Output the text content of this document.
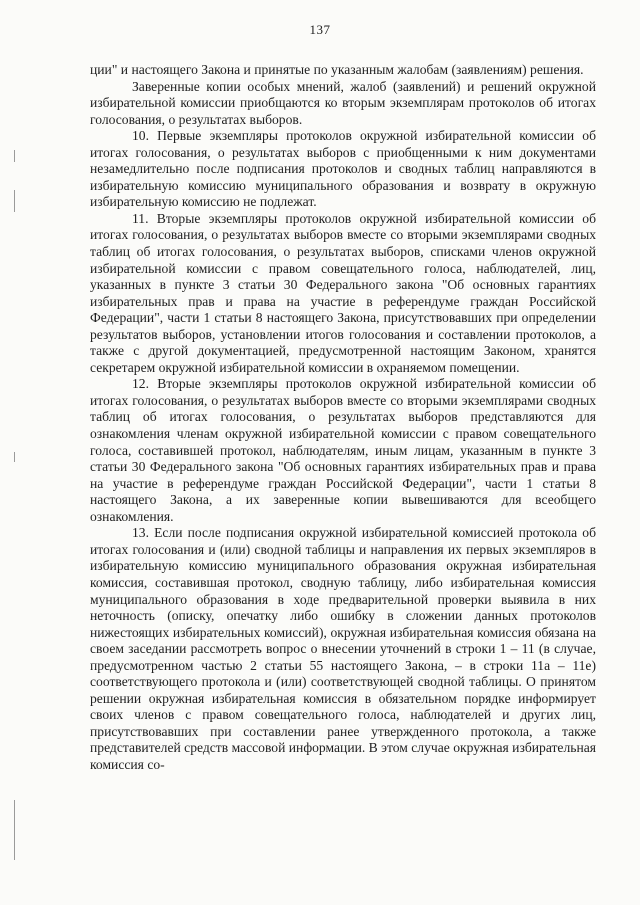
137

ции" и настоящего Закона и принятые по указанным жалобам (заявлениям) решения.

Заверенные копии особых мнений, жалоб (заявлений) и решений окружной избирательной комиссии приобщаются ко вторым экземплярам протоколов об итогах голосования, о результатах выборов.

10. Первые экземпляры протоколов окружной избирательной комиссии об итогах голосования, о результатах выборов с приобщенными к ним документами незамедлительно после подписания протоколов и сводных таблиц направляются в избирательную комиссию муниципального образования и возврату в окружную избирательную комиссию не подлежат.

11. Вторые экземпляры протоколов окружной избирательной комиссии об итогах голосования, о результатах выборов вместе со вторыми экземплярами сводных таблиц об итогах голосования, о результатах выборов, списками членов окружной избирательной комиссии с правом совещательного голоса, наблюдателей, лиц, указанных в пункте 3 статьи 30 Федерального закона "Об основных гарантиях избирательных прав и права на участие в референдуме граждан Российской Федерации", части 1 статьи 8 настоящего Закона, присутствовавших при определении результатов выборов, установлении итогов голосования и составлении протоколов, а также с другой документацией, предусмотренной настоящим Законом, хранятся секретарем окружной избирательной комиссии в охраняемом помещении.

12. Вторые экземпляры протоколов окружной избирательной комиссии об итогах голосования, о результатах выборов вместе со вторыми экземплярами сводных таблиц об итогах голосования, о результатах выборов представляются для ознакомления членам окружной избирательной комиссии с правом совещательного голоса, составившей протокол, наблюдателям, иным лицам, указанным в пункте 3 статьи 30 Федерального закона "Об основных гарантиях избирательных прав и права на участие в референдуме граждан Российской Федерации", части 1 статьи 8 настоящего Закона, а их заверенные копии вывешиваются для всеобщего ознакомления.

13. Если после подписания окружной избирательной комиссией протокола об итогах голосования и (или) сводной таблицы и направления их первых экземпляров в избирательную комиссию муниципального образования окружная избирательная комиссия, составившая протокол, сводную таблицу, либо избирательная комиссия муниципального образования в ходе предварительной проверки выявила в них неточность (описку, опечатку либо ошибку в сложении данных протоколов нижестоящих избирательных комиссий), окружная избирательная комиссия обязана на своем заседании рассмотреть вопрос о внесении уточнений в строки 1 – 11 (в случае, предусмотренном частью 2 статьи 55 настоящего Закона, – в строки 11а – 11е) соответствующего протокола и (или) соответствующей сводной таблицы. О принятом решении окружная избирательная комиссия в обязательном порядке информирует своих членов с правом совещательного голоса, наблюдателей и других лиц, присутствовавших при составлении ранее утвержденного протокола, а также представителей средств массовой информации. В этом случае окружная избирательная комиссия со-
